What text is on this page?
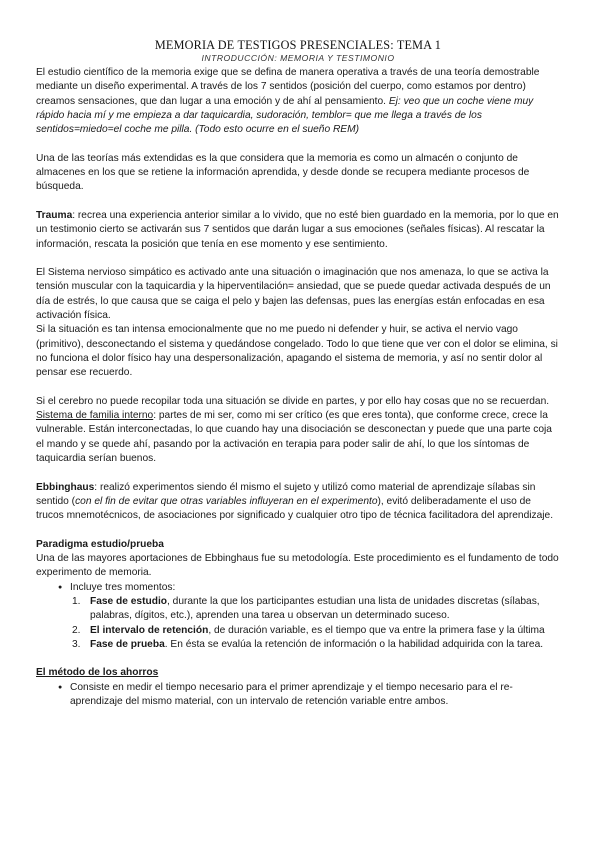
MEMORIA DE TESTIGOS PRESENCIALES: TEMA 1
INTRODUCCIÓN: MEMORIA Y TESTIMONIO

El estudio científico de la memoria exige que se defina de manera operativa a través de una teoría demostrable mediante un diseño experimental. A través de los 7 sentidos (posición del cuerpo, como estamos por dentro) creamos sensaciones, que dan lugar a una emoción y de ahí al pensamiento. Ej: veo que un coche viene muy rápido hacia mí y me empieza a dar taquicardia, sudoración, temblor= que me llega a través de los sentidos=miedo=el coche me pilla. (Todo esto ocurre en el sueño REM)

Una de las teorías más extendidas es la que considera que la memoria es como un almacén o conjunto de almacenes en los que se retiene la información aprendida, y desde donde se recupera mediante procesos de búsqueda.

Trauma: recrea una experiencia anterior similar a lo vivido, que no esté bien guardado en la memoria, por lo que en un testimonio cierto se activarán sus 7 sentidos que darán lugar a sus emociones (señales físicas). Al rescatar la información, rescata la posición que tenía en ese momento y ese sentimiento.

El Sistema nervioso simpático es activado ante una situación o imaginación que nos amenaza, lo que se activa la tensión muscular con la taquicardia y la hiperventilación= ansiedad, que se puede quedar activada después de un día de estrés, lo que causa que se caiga el pelo y bajen las defensas, pues las energías están enfocadas en esa activación física.

Si la situación es tan intensa emocionalmente que no me puedo ni defender y huir, se activa el nervio vago (primitivo), desconectando el sistema y quedándose congelado. Todo lo que tiene que ver con el dolor se elimina, si no funciona el dolor físico hay una despersonalización, apagando el sistema de memoria, y así no sentir dolor al pensar ese recuerdo.

Si el cerebro no puede recopilar toda una situación se divide en partes, y por ello hay cosas que no se recuerdan. Sistema de familia interno: partes de mi ser, como mi ser crítico (es que eres tonta), que conforme crece, crece la vulnerable. Están interconectadas, lo que cuando hay una disociación se desconectan y puede que una parte coja el mando y se quede ahí, pasando por la activación en terapia para poder salir de ahí, lo que los síntomas de taquicardia serían buenos.

Ebbinghaus: realizó experimentos siendo él mismo el sujeto y utilizó como material de aprendizaje sílabas sin sentido (con el fin de evitar que otras variables influyeran en el experimento), evitó deliberadamente el uso de trucos mnemotécnicos, de asociaciones por significado y cualquier otro tipo de técnica facilitadora del aprendizaje.

Paradigma estudio/prueba

Una de las mayores aportaciones de Ebbinghaus fue su metodología. Este procedimiento es el fundamento de todo experimento de memoria.

● Incluye tres momentos:
1. Fase de estudio, durante la que los participantes estudian una lista de unidades discretas (sílabas, palabras, dígitos, etc.), aprenden una tarea u observan un determinado suceso.
2. El intervalo de retención, de duración variable, es el tiempo que va entre la primera fase y la última
3. Fase de prueba. En ésta se evalúa la retención de información o la habilidad adquirida con la tarea.

El método de los ahorros

● Consiste en medir el tiempo necesario para el primer aprendizaje y el tiempo necesario para el re-aprendizaje del mismo material, con un intervalo de retención variable entre ambos.
